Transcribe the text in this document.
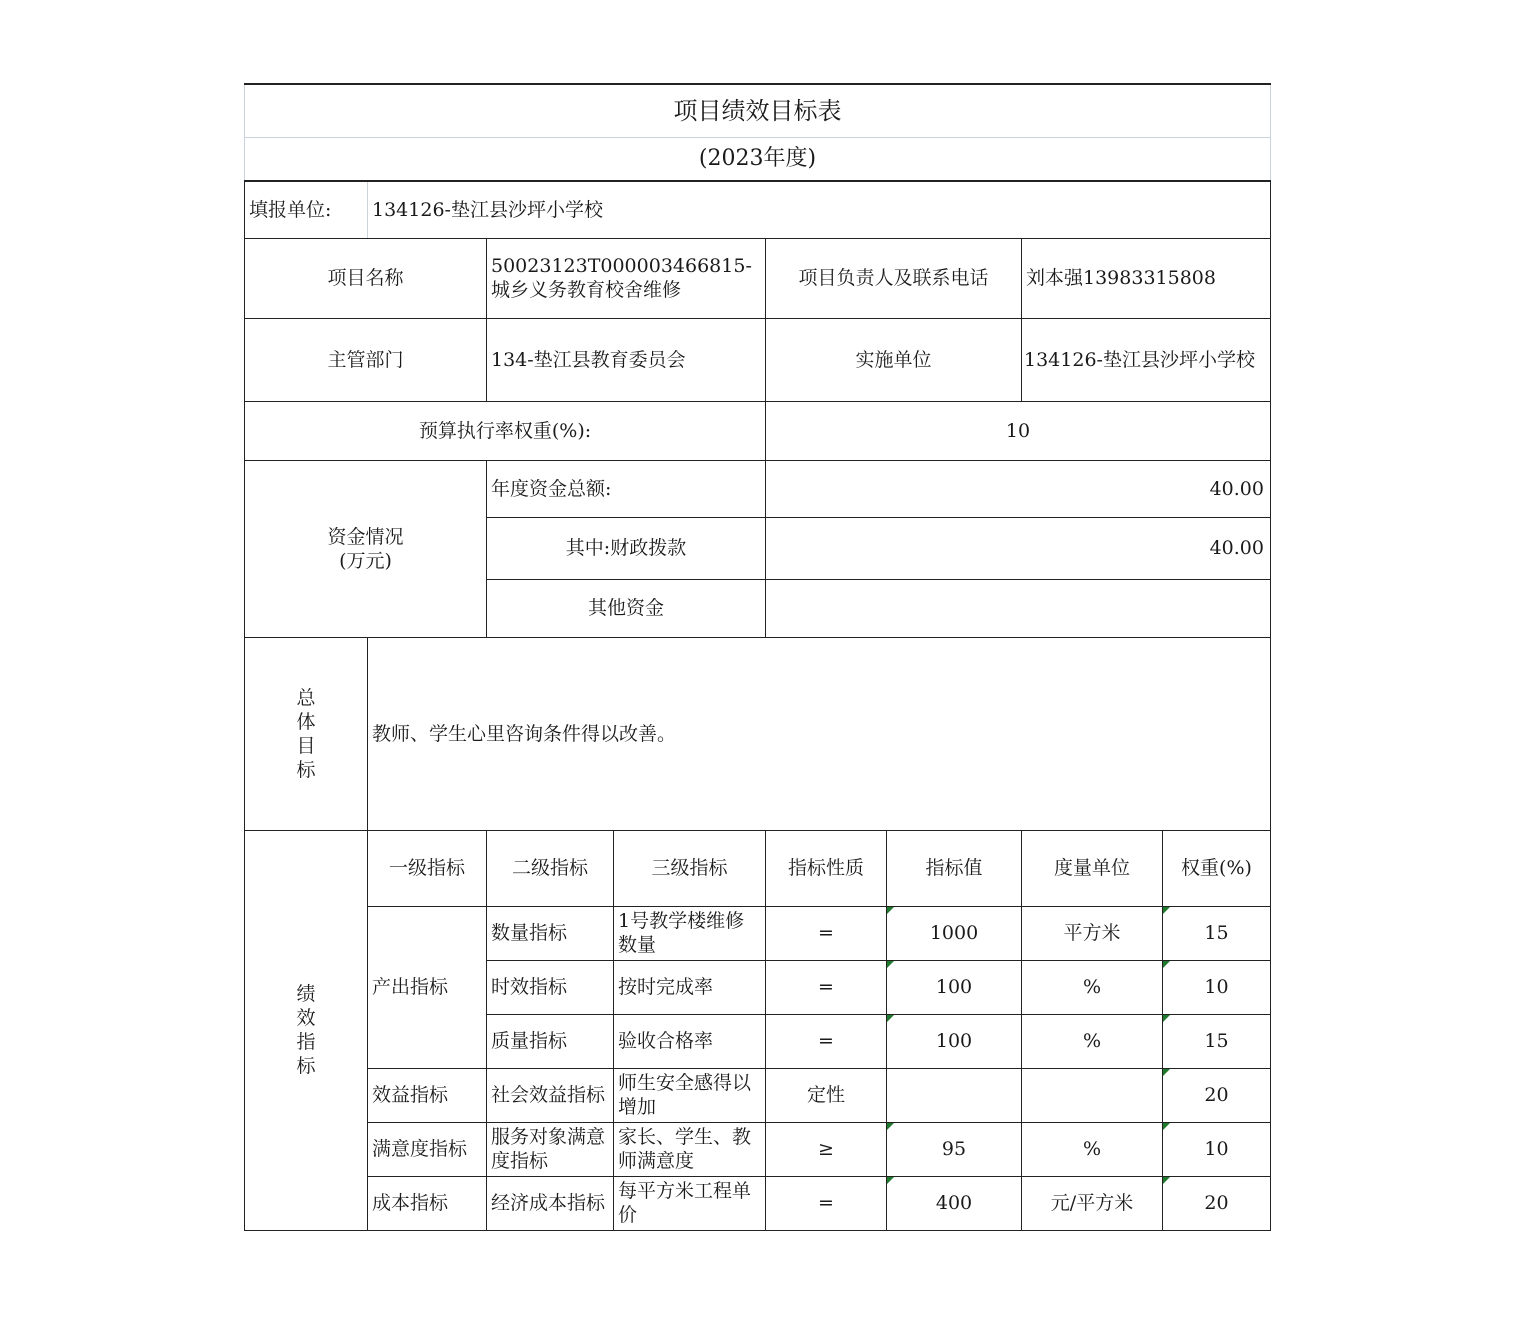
项目绩效目标表							
(2023年度)							
填报单位:	134126-垫江县沙坪小学校						
项目名称		50023123T000003466815-城乡义务教育校舍维修		项目负责人及联系电话		刘本强13983315808	
主管部门		134-垫江县教育委员会		实施单位		134126-垫江县沙坪小学校	
预算执行率权重(%):				10			

资金情况
(万元)		年度资金总额:		40.00			
		其中:财政拨款		40.00			
		其他资金					

总
体
目
标	教师、学生心里咨询条件得以改善。						

绩
效
指
标	一级指标	二级指标	三级指标	指标性质	指标值	度量单位	权重(%)
	产出指标	数量指标	1号教学楼维修数量	=	1000	平方米	15
		时效指标	按时完成率	=	100	%	10
		质量指标	验收合格率	=	100	%	15
	效益指标	社会效益指标	师生安全感得以增加	定性			20
	满意度指标	服务对象满意度指标	家长、学生、教师满意度	≥	95	%	10
	成本指标	经济成本指标	每平方米工程单价	=	400	元/平方米	20
